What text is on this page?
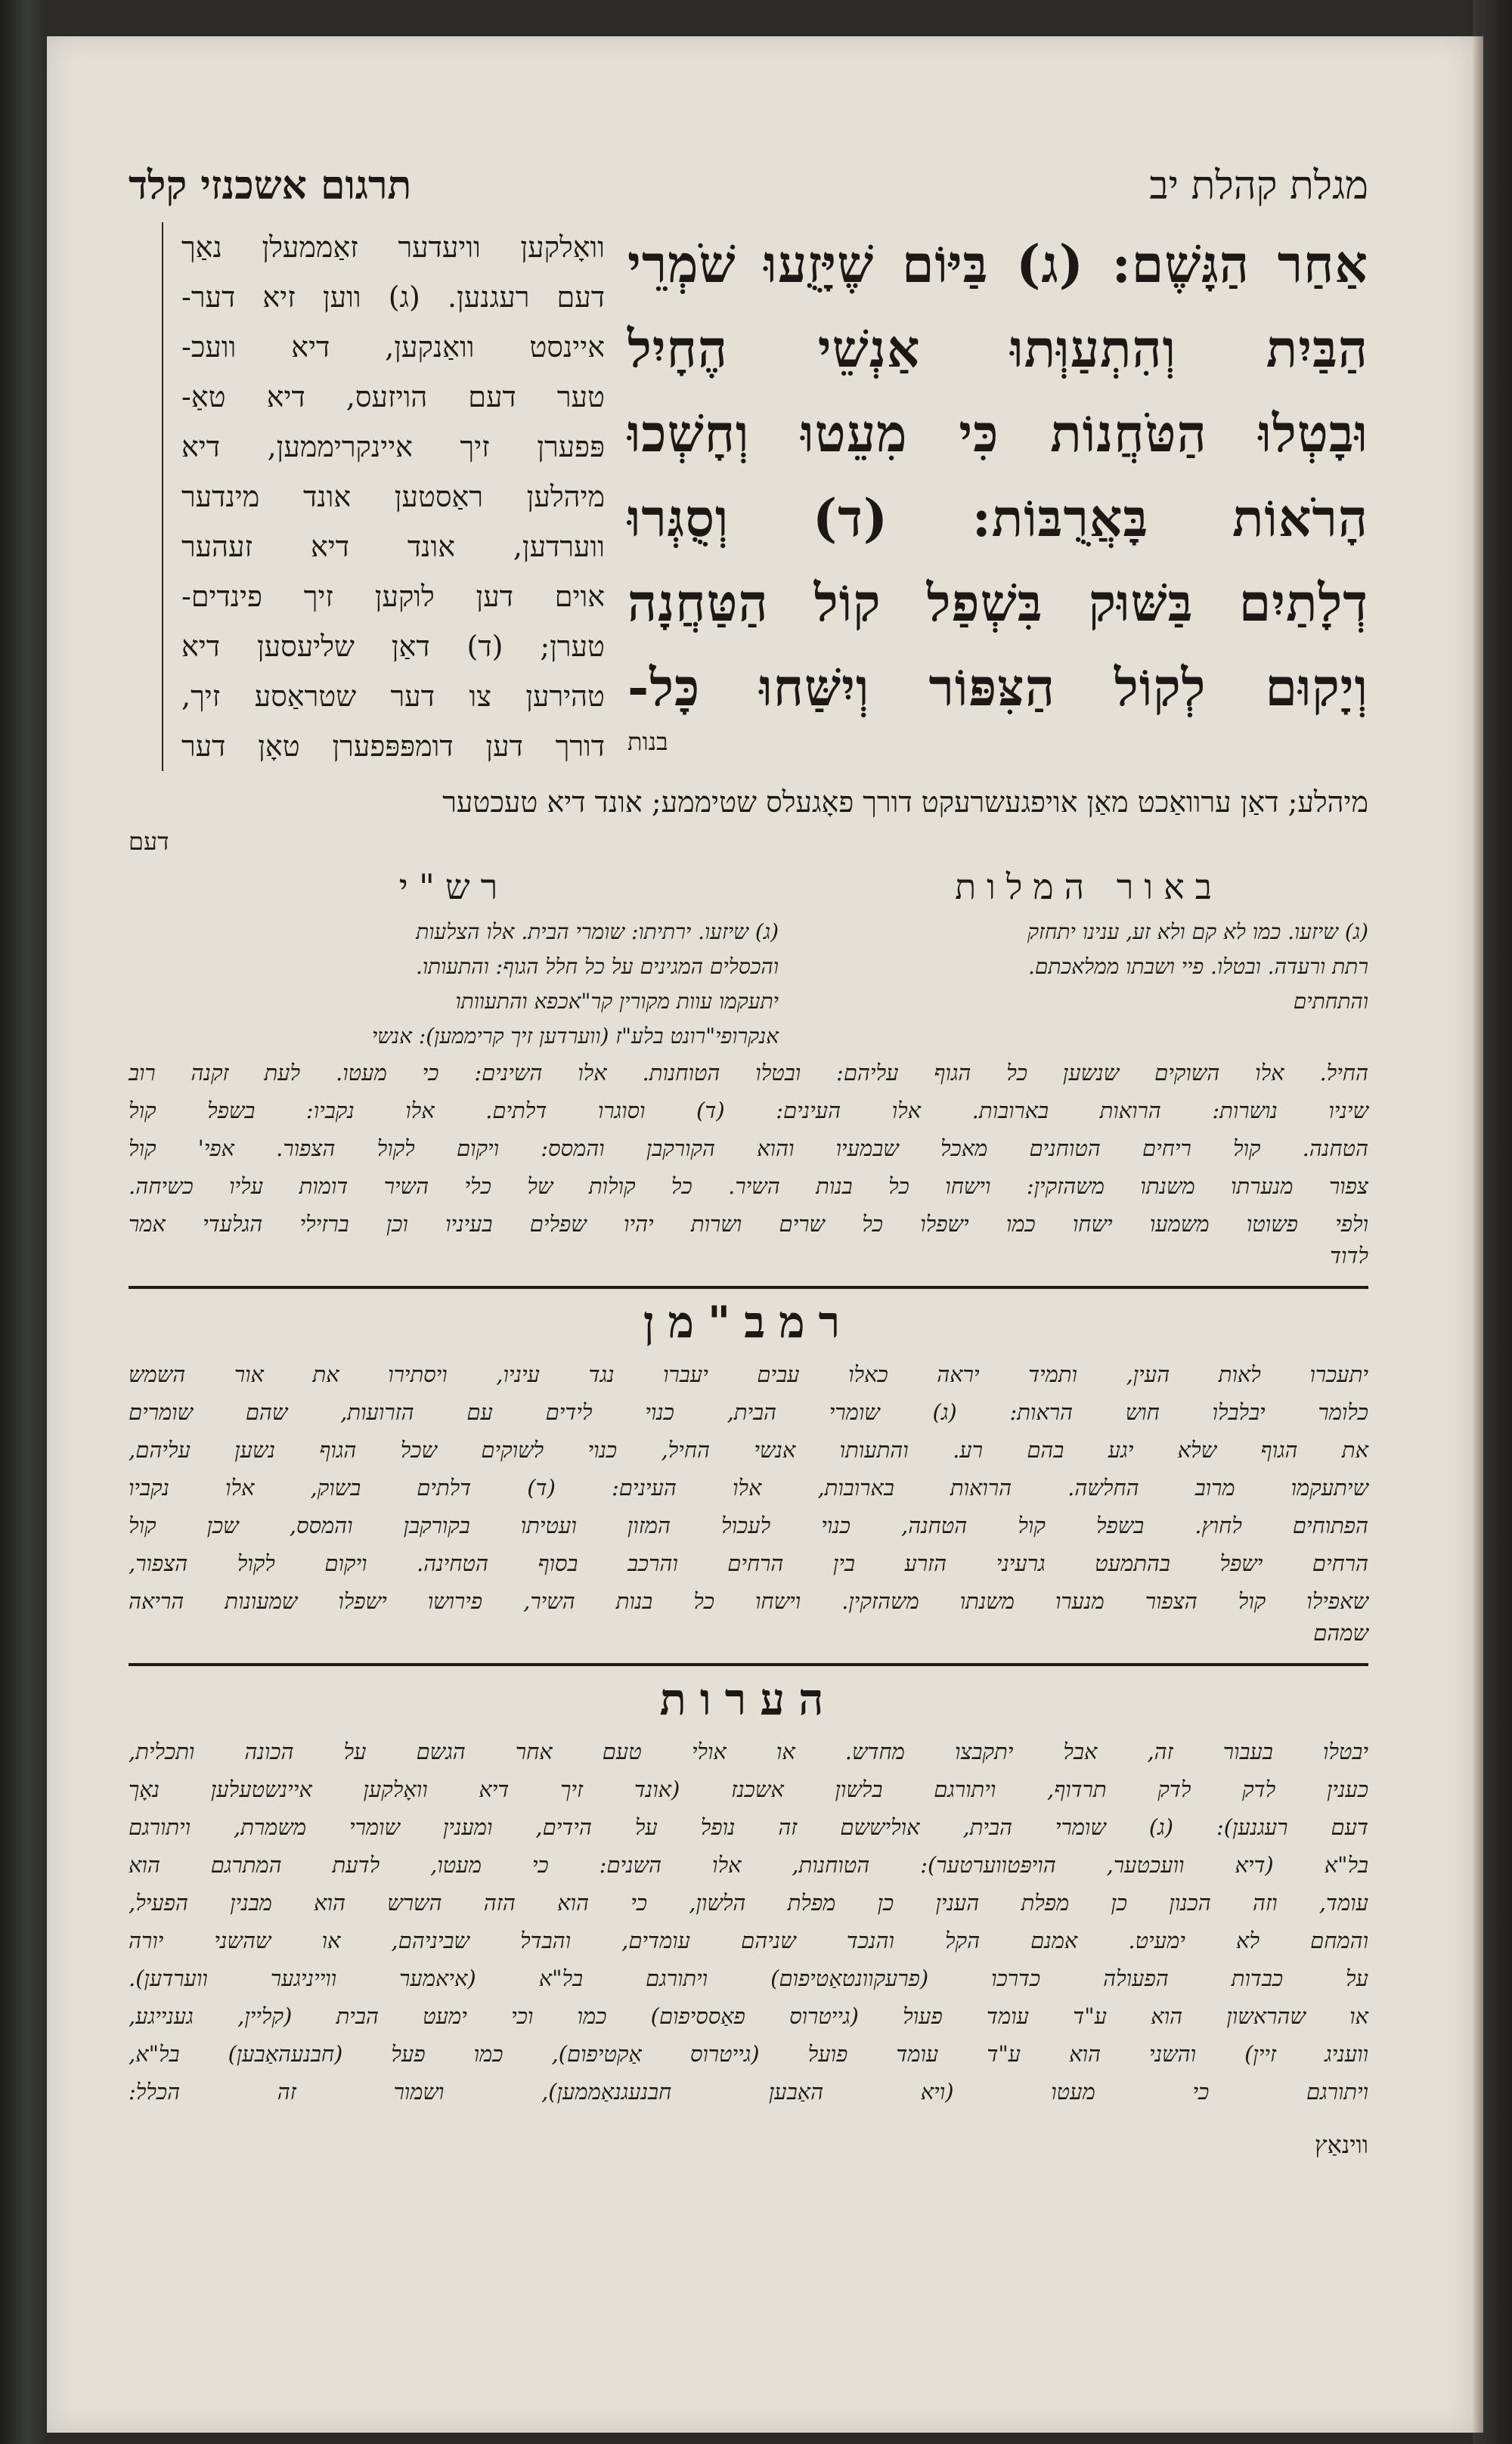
מגלת קהלת יב
תרגום אשכנזי קלד
אַחַר הַגָּשֶׁם: (ג) בַּיּוֹם שֶׁיָּזֻעוּ שֹׁמְרֵי
הַבַּיִת וְהִתְעַוְּתוּ אַנְשֵׁי הֶחָיִל
וּבָטְלוּ הַטֹּחֲנוֹת כִּי מִעֵטוּ וְחָשְׁכוּ
הָרֹאוֹת בָּאֲרֻבּוֹת: (ד) וְסֻגְּרוּ
דְלָתַיִם בַּשּׁוּק בִּשְׁפַל קוֹל הַטַּחֲנָה
וְיָקוּם לְקוֹל הַצִּפּוֹר וְיִשַּׁחוּ כָּל-
בנות
וואָלקען וויעדער זאַממעלן נאַך
דעם רעגנען. (ג) ווען זיא דער-
איינסט וואַנקען, דיא וועכ-
טער דעם הויזעס, דיא טאַ-
פּפערן זיך איינקריממען, דיא
מיהלען ראַסטען אונד מינדער
ווערדען, אונד דיא זעהער
אוים דען לוקען זיך פינדים-
טערן; (ד) דאַן שליעסען דיא
טהירען צו דער שטראַסע זיך,
דורך דען דומפּפּפערן טאָן דער
מיהלע; דאַן ערוואַכט מאַן אויפגעשרעקט דורך פאָגעלס שטיממע; אונד דיא טעכטער
דעם
באור המלות
(ג) שיזעו. כמו לא קם ולא זע, ענינו יתחזק
רתת ורעדה. ובטלו. פיי ושבתו ממלאכתם.
והתחתים
רש"י
(ג) שיזעו. ירתיתו: שומרי הבית. אלו הצלעות
והכסלים המגינים על כל חלל הגוף: והתעותו.
יתעקמו עוות מקורין קר"אכפא והתעוותו
אנקרופי"רונט בלע"ז (ווערדען זיך קריממען): אנשי
החיל. אלו השוקים שנשען כל הגוף עליהם: ובטלו הטוחנות. אלו השינים: כי מעטו. לעת זקנה רוב
שיניו נושרות: הרואות בארובות. אלו העינים: (ד) וסוגרו דלתים. אלו נקביו: בשפל קול
הטחנה. קול ריחים הטוחנים מאכל שבמעיו והוא הקורקבן והמסס: ויקום לקול הצפור. אפי' קול
צפור מנערתו משנתו משהזקין: וישחו כל בנות השיר. כל קולות של כלי השיר דומות עליו כשיחה.
ולפי פשוטו משמעו ישחו כמו ישפלו כל שרים ושרות יהיו שפלים בעיניו וכן ברזילי הגלעדי אמר
לדוד
רמב"מן
יתעכרו לאות העין, ותמיד יראה כאלו עבים יעברו נגד עיניו, ויסתירו את אור השמש
כלומר יבלבלו חוש הראות: (ג) שומרי הבית, כנוי לידים עם הזרועות, שהם שומרים
את הגוף שלא יגע בהם רע. והתעותו אנשי החיל, כנוי לשוקים שכל הגוף נשען עליהם,
שיתעקמו מרוב החלשה. הרואות בארובות, אלו העינים: (ד) דלתים בשוק, אלו נקביו
הפתוחים לחוץ. בשפל קול הטחנה, כנוי לעכול המזון ועטיתו בקורקבן והמסס, שכן קול
הרחים ישפל בהתמעט גרעיני הזרע בין הרחים והרכב בסוף הטחינה. ויקום לקול הצפור,
שאפילו קול הצפור מנערו משנתו משהזקין. וישחו כל בנות השיר, פירושו ישפלו שמעונות הריאה
שמהם
הערות
יבטלו בעבור זה, אבל יתקבצו מחדש. או אולי טעם אחר הגשם על הכונה ותכלית,
כענין לדק לדק תרדוף, ויתורגם בלשון אשכנז (אונד זיך דיא וואָלקען איינשטעלען נאָך
דעם רעגנען): (ג) שומרי הבית, אוליששם זה נופל על הידים, ומענין שומרי משמרת, ויתורגם
בל"א (דיא וועכטער, הויפּטווערטער): הטוחנות, אלו השנים: כי מעטו, לדעת המתרגם הוא
עומד, וזה הכנון כן מפלת הענין כן מפלת הלשון, כי הוא הזה השרש הוא מבנין הפעיל,
והמחם לא ימעיט. אמנם הקל והנכד שניהם עומדים, והבדל שביניהם, או שהשני יורה
על כבדות הפעולה כדרכו (פרעקוונטאַטיפום) ויתורגם בל"א (איאמער ווייניגער ווערדען).
או שהראשון הוא ע"ד עומד פעול (גייטרוס פאַססיפום) כמו וכי ימעט הבית (קליין, גענייגע,
וועניג זיין) והשני הוא ע"ד עומד פועל (גייטרוס אַקטיפום), כמו פעל (חבנעהאַבען) בל"א,
ויתורגם כי מעטו (ויא האַבען חבנעגנאַממען), ושמור זה הכלל:
ווינאַץ
